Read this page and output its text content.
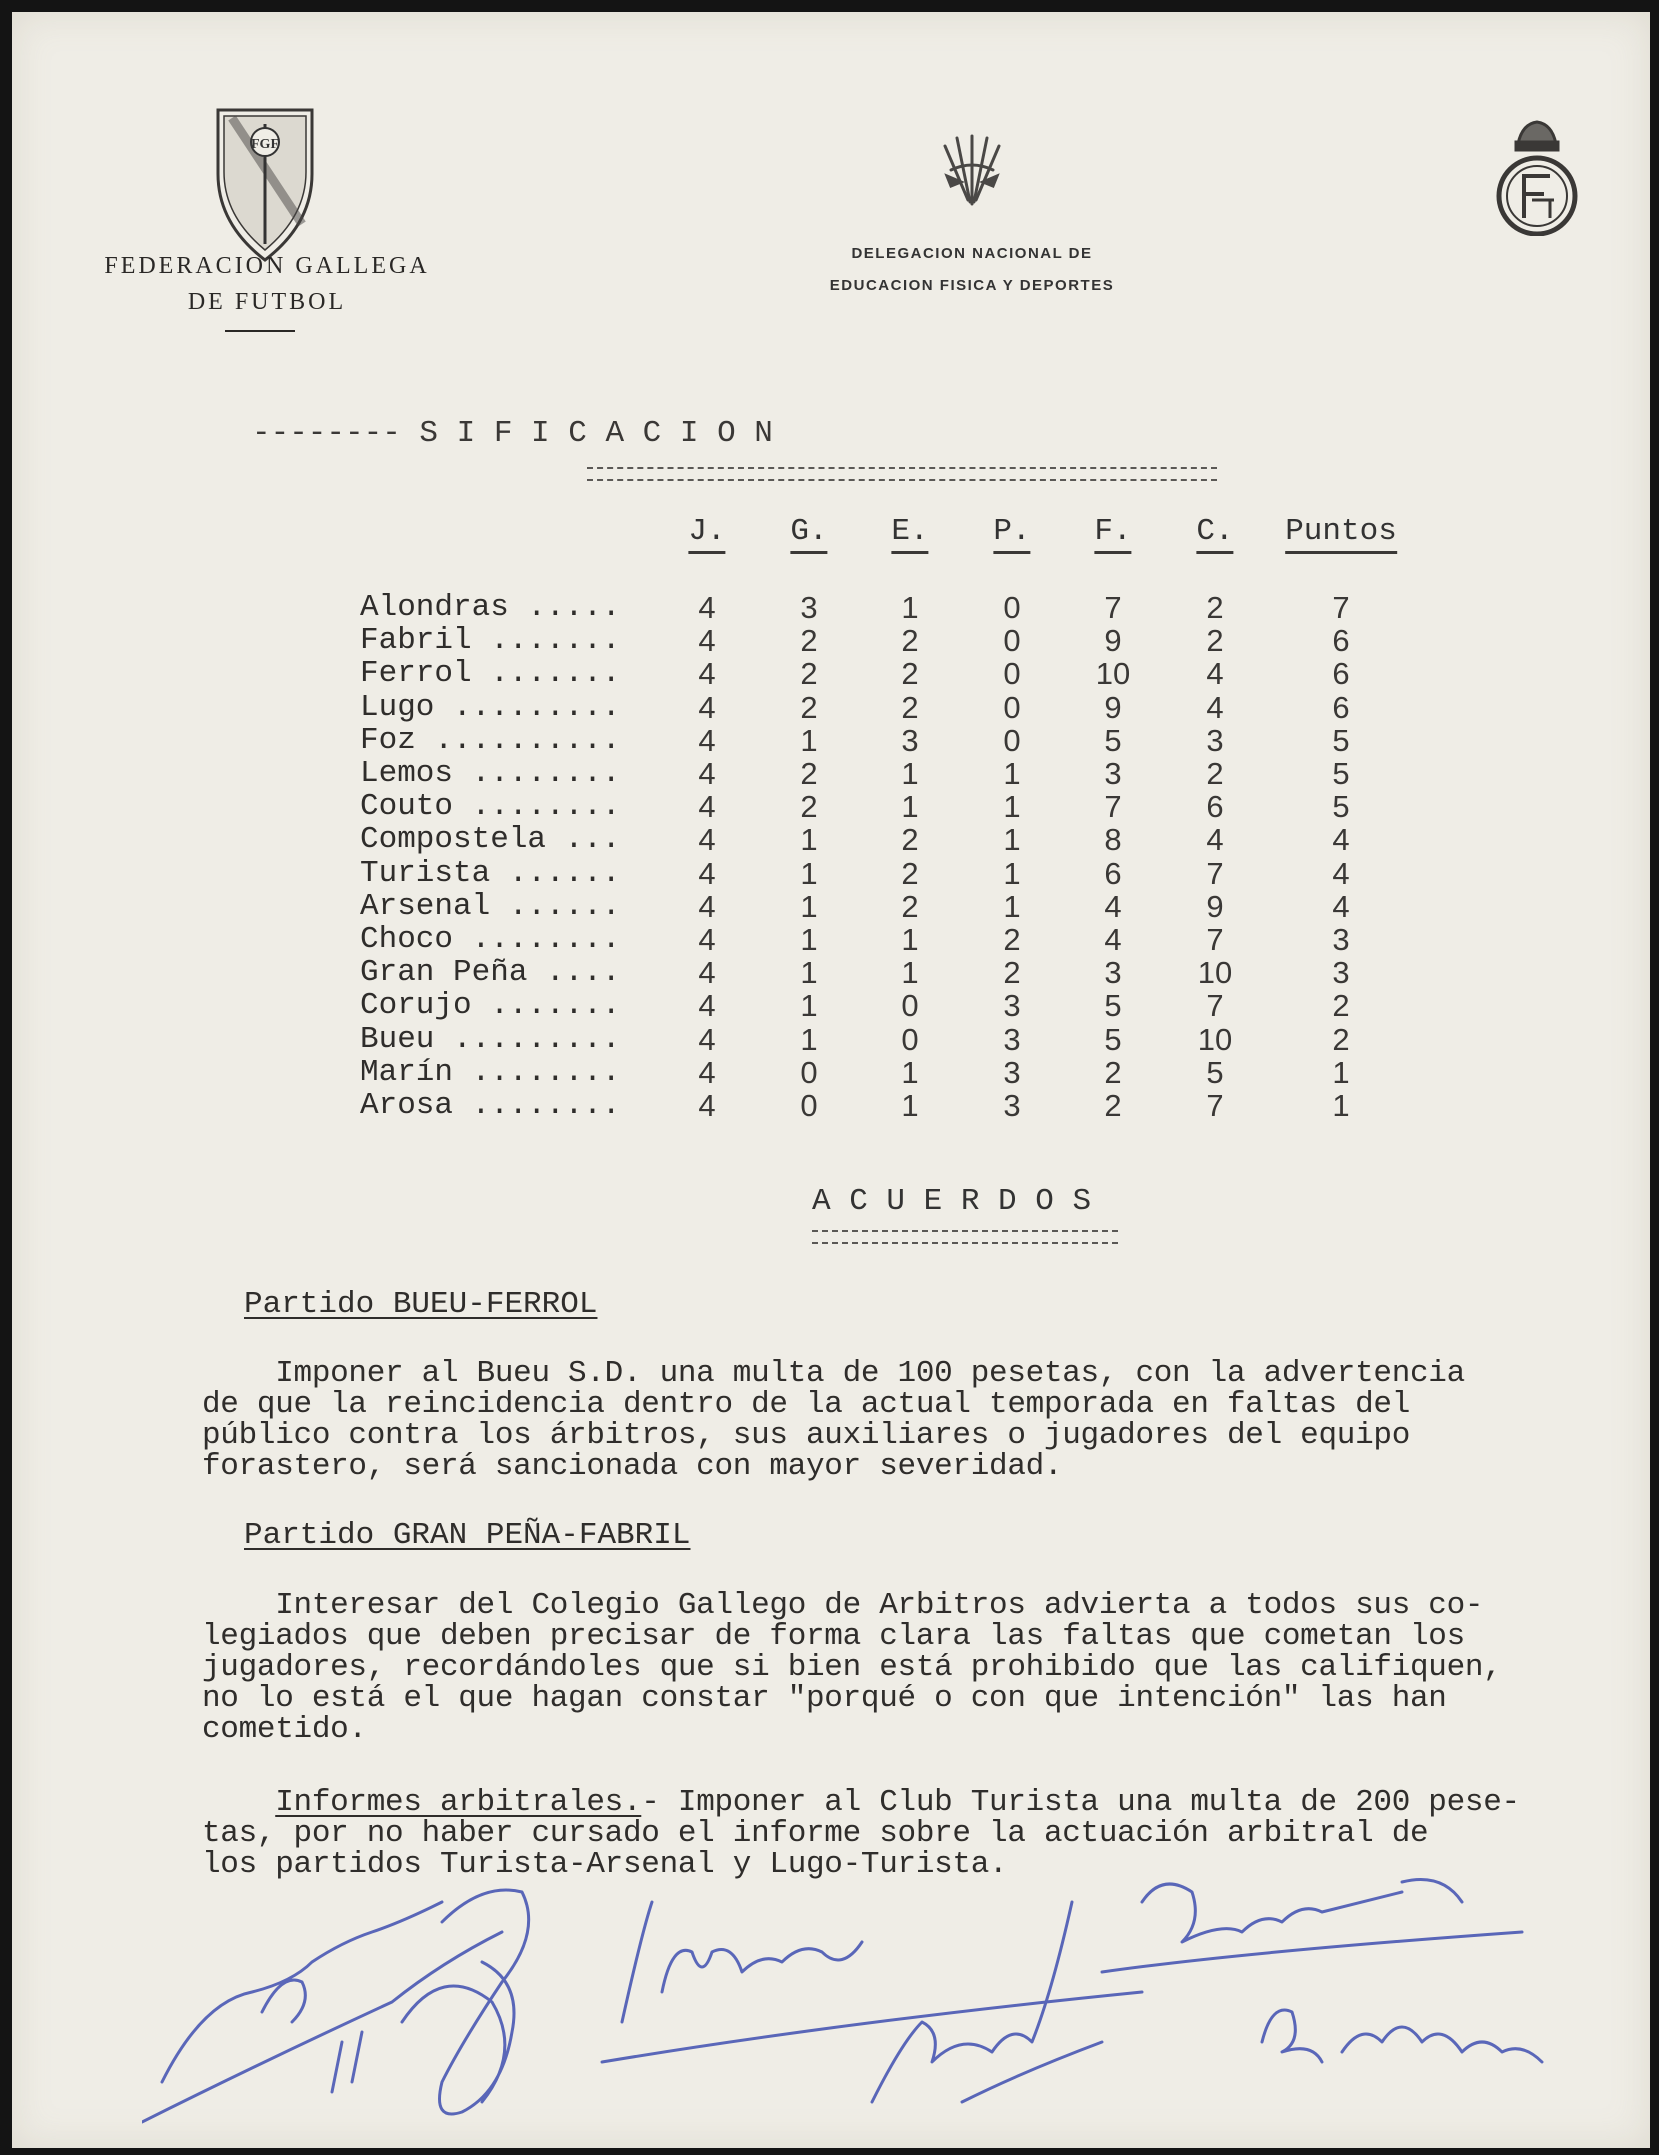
FGF
FEDERACION GALLEGA
DE FUTBOL
DELEGACION NACIONAL DE
EDUCACION FISICA Y DEPORTES
-------- S I F I C A C I O N
J. G. E. P. F. C. Puntos
Alondras .....	4	3	1	0	7	2	7
Fabril .......	4	2	2	0	9	2	6
Ferrol .......	4	2	2	0	10	4	6
Lugo .........	4	2	2	0	9	4	6
Foz ..........	4	1	3	0	5	3	5
Lemos ........	4	2	1	1	3	2	5
Couto ........	4	2	1	1	7	6	5
Compostela ...	4	1	2	1	8	4	4
Turista ......	4	1	2	1	6	7	4
Arsenal ......	4	1	2	1	4	9	4
Choco ........	4	1	1	2	4	7	3
Gran Peña ....	4	1	1	2	3	10	3
Corujo .......	4	1	0	3	5	7	2
Bueu .........	4	1	0	3	5	10	2
Marín ........	4	0	1	3	2	5	1
Arosa ........	4	0	1	3	2	7	1
A C U E R D O S
Partido BUEU-FERROL
Imponer al Bueu S.D. una multa de 100 pesetas, con la advertencia
de que la reincidencia dentro de la actual temporada en faltas del
público contra los árbitros, sus auxiliares o jugadores del equipo
forastero, será sancionada con mayor severidad.
Partido GRAN PEÑA-FABRIL
Interesar del Colegio Gallego de Arbitros advierta a todos sus co-
legiados que deben precisar de forma clara las faltas que cometan los
jugadores, recordándoles que si bien está prohibido que las califiquen,
no lo está el que hagan constar "porqué o con que intención" las han
cometido.
Informes arbitrales.- Imponer al Club Turista una multa de 200 pese-
tas, por no haber cursado el informe sobre la actuación arbitral de
los partidos Turista-Arsenal y Lugo-Turista.
